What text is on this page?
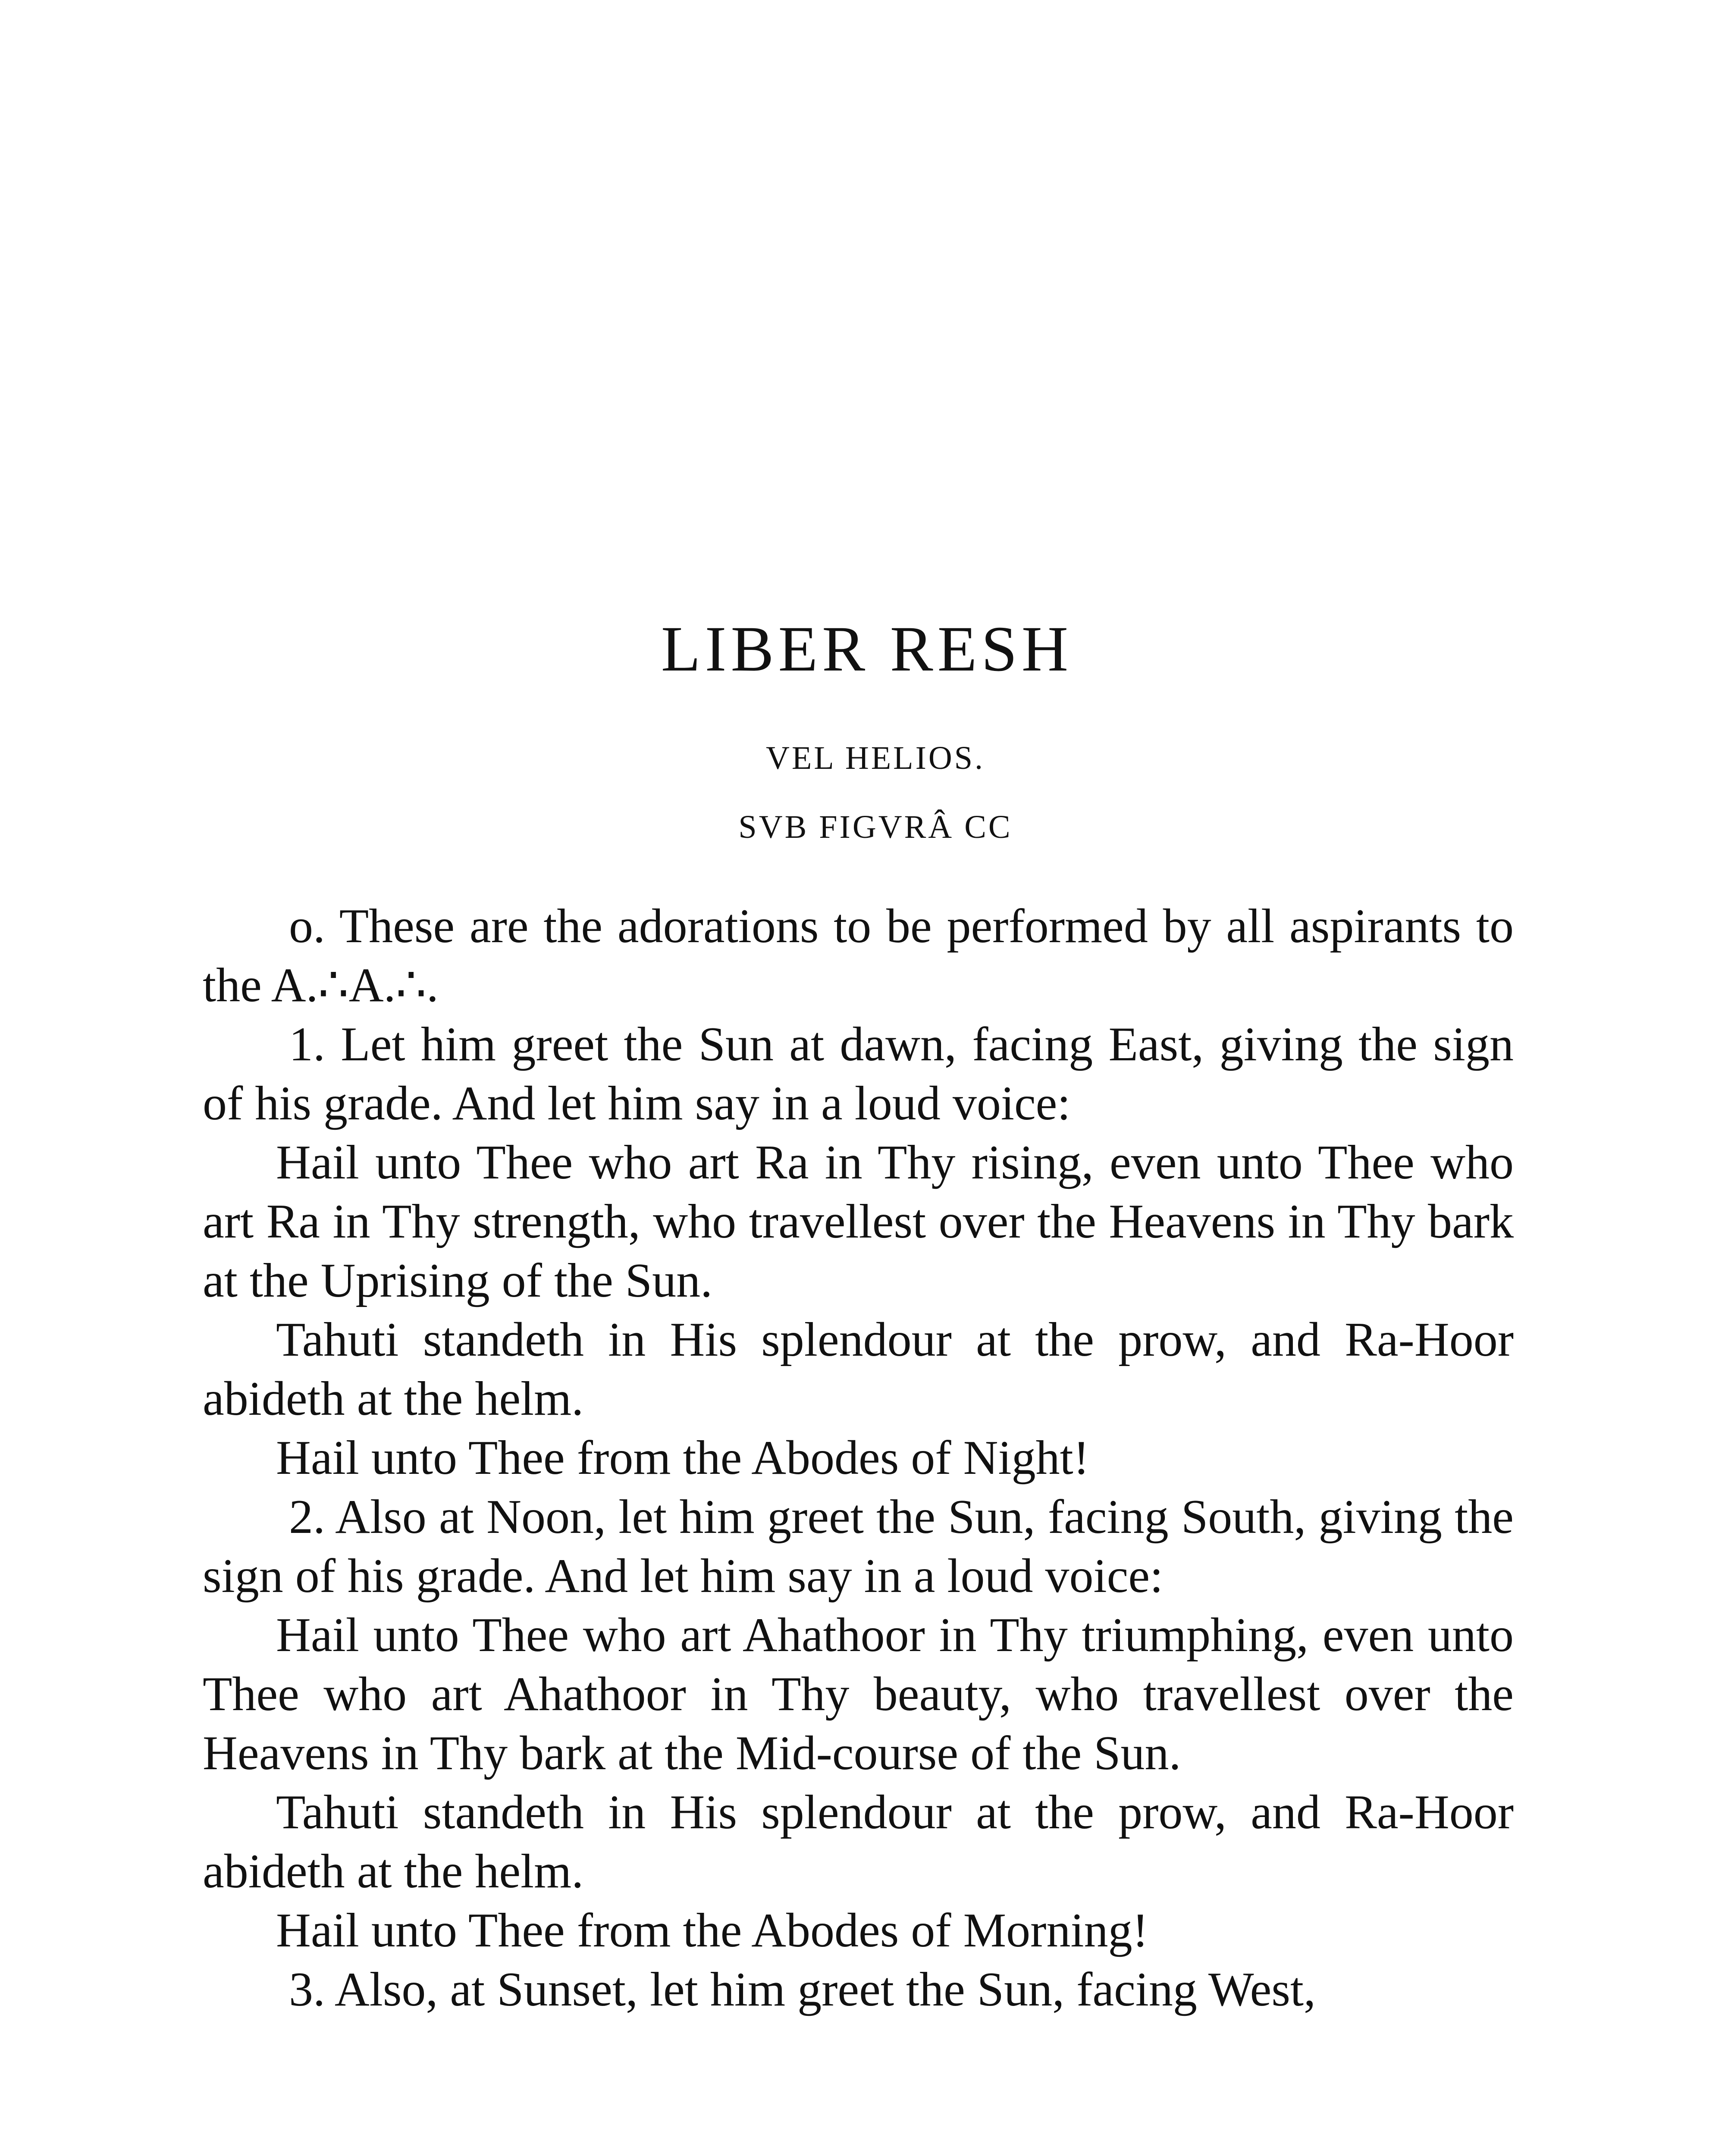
LIBER RESH
VEL HELIOS.
SVB FIGVRÂ CC

o. These are the adorations to be performed by all aspirants to the A.∴A.∴.

1. Let him greet the Sun at dawn, facing East, giving the sign of his grade. And let him say in a loud voice:

Hail unto Thee who art Ra in Thy rising, even unto Thee who art Ra in Thy strength, who travellest over the Heavens in Thy bark at the Uprising of the Sun.

Tahuti standeth in His splendour at the prow, and Ra-Hoor abideth at the helm.

Hail unto Thee from the Abodes of Night!

2. Also at Noon, let him greet the Sun, facing South, giving the sign of his grade. And let him say in a loud voice:

Hail unto Thee who art Ahathoor in Thy triumphing, even unto Thee who art Ahathoor in Thy beauty, who travellest over the Heavens in Thy bark at the Mid-course of the Sun.

Tahuti standeth in His splendour at the prow, and Ra-Hoor abideth at the helm.

Hail unto Thee from the Abodes of Morning!

3. Also, at Sunset, let him greet the Sun, facing West,
